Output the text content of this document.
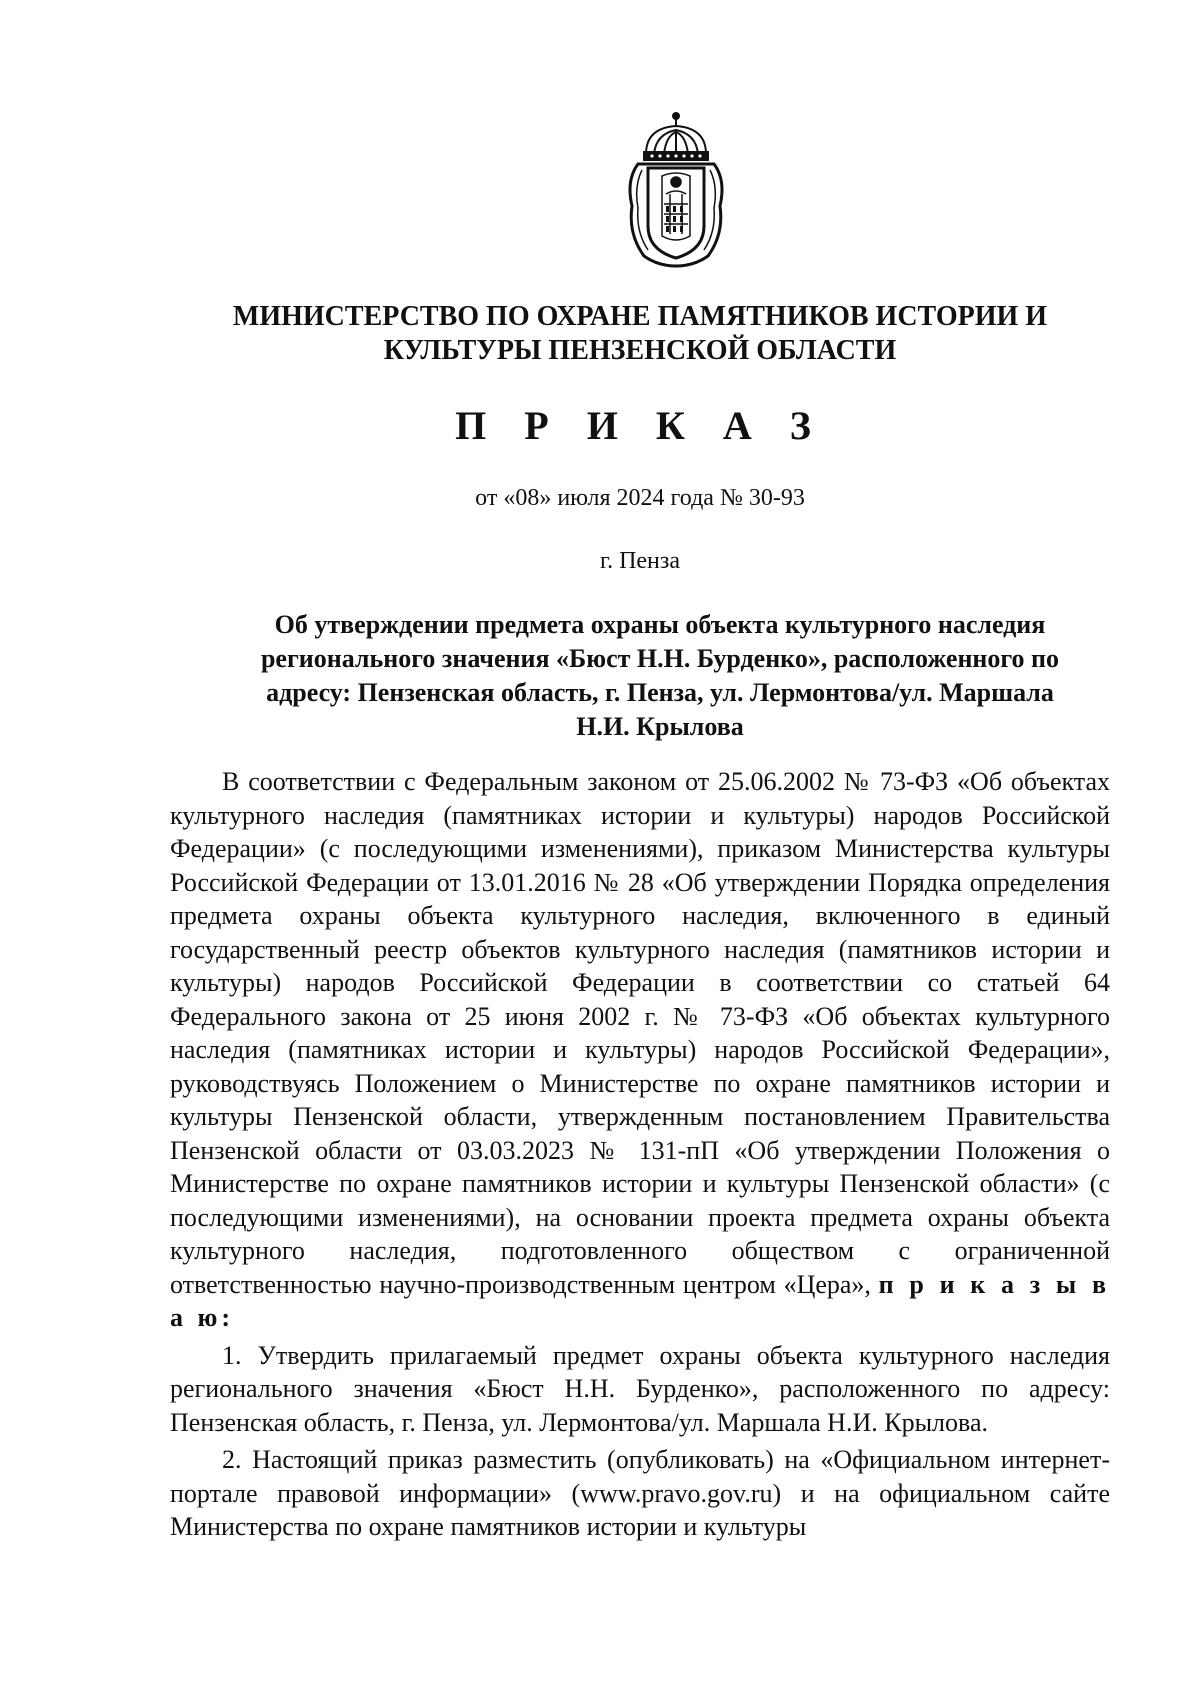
МИНИСТЕРСТВО ПО ОХРАНЕ ПАМЯТНИКОВ ИСТОРИИ И
КУЛЬТУРЫ ПЕНЗЕНСКОЙ ОБЛАСТИ
П Р И К А З
от «08» июля 2024 года № 30-93
г. Пенза
Об утверждении предмета охраны объекта культурного наследия
регионального значения «Бюст Н.Н. Бурденко», расположенного по
адресу: Пензенская область, г. Пенза, ул. Лермонтова/ул. Маршала
Н.И. Крылова

В соответствии с Федеральным законом от 25.06.2002 № 73-ФЗ «Об объектах культурного наследия (памятниках истории и культуры) народов Российской Федерации» (с последующими изменениями), приказом Министерства культуры Российской Федерации от 13.01.2016 № 28 «Об утверждении Порядка определения предмета охраны объекта культурного наследия, включенного в единый государственный реестр объектов культурного наследия (памятников истории и культуры) народов Российской Федерации в соответствии со статьей 64 Федерального закона от 25 июня 2002 г. № 73-ФЗ «Об объектах культурного наследия (памятниках истории и культуры) народов Российской Федерации», руководствуясь Положением о Министерстве по охране памятников истории и культуры Пензенской области, утвержденным постановлением Правительства Пензенской области от 03.03.2023 № 131-пП «Об утверждении Положения о Министерстве по охране памятников истории и культуры Пензенской области» (с последующими изменениями), на основании проекта предмета охраны объекта культурного наследия, подготовленного обществом с ограниченной ответственностью научно-производственным центром «Цера», п р и к а з ы в а ю:

1. Утвердить прилагаемый предмет охраны объекта культурного наследия регионального значения «Бюст Н.Н. Бурденко», расположенного по адресу: Пензенская область, г. Пенза, ул. Лермонтова/ул. Маршала Н.И. Крылова.

2. Настоящий приказ разместить (опубликовать) на «Официальном интернет-портале правовой информации» (www.pravo.gov.ru) и на официальном сайте Министерства по охране памятников истории и культуры
